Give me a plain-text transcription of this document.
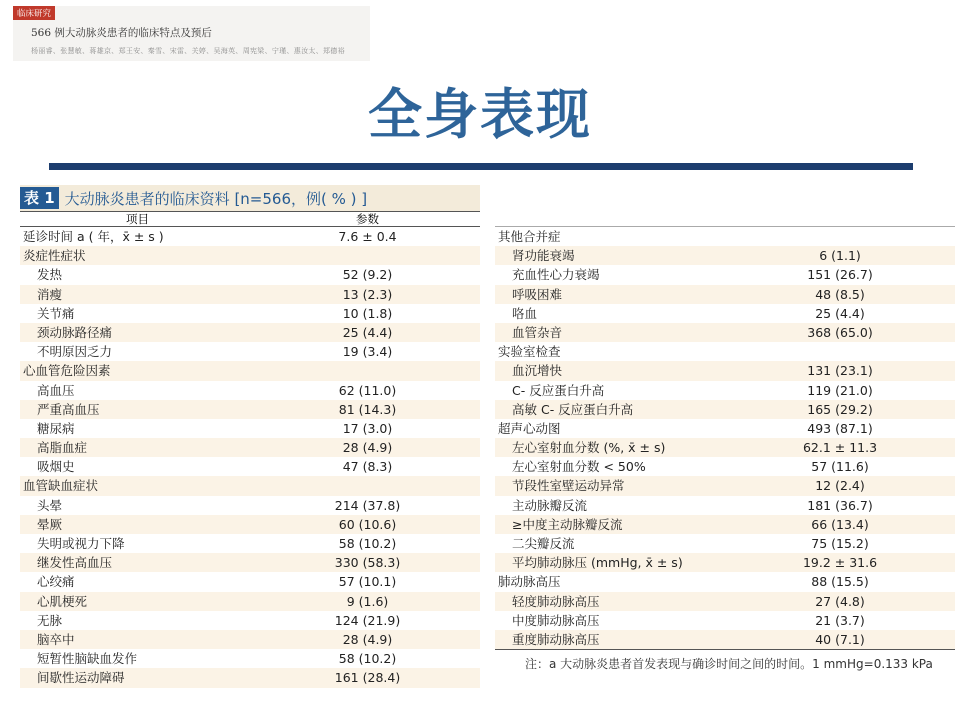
临床研究
566 例大动脉炎患者的临床特点及预后
杨丽睿、张慧敏、蒋雄京、郑王安、秦雪、宋雷、关婷、吴海英、周宪梁、宁瑾、惠汝太、郑德裕
全身表现
表 1 大动脉炎患者的临床资料 [n=566，例( % ) ]
项目	参数
延诊时间 a ( 年，x̄ ± s )	7.6 ± 0.4
炎症性症状
发热	52 (9.2)
消瘦	13 (2.3)
关节痛	10 (1.8)
颈动脉路径痛	25 (4.4)
不明原因乏力	19 (3.4)
心血管危险因素
高血压	62 (11.0)
严重高血压	81 (14.3)
糖尿病	17 (3.0)
高脂血症	28 (4.9)
吸烟史	47 (8.3)
血管缺血症状
头晕	214 (37.8)
晕厥	60 (10.6)
失明或视力下降	58 (10.2)
继发性高血压	330 (58.3)
心绞痛	57 (10.1)
心肌梗死	9 (1.6)
无脉	124 (21.9)
脑卒中	28 (4.9)
短暂性脑缺血发作	58 (10.2)
间歇性运动障碍	161 (28.4)
其他合并症
肾功能衰竭	6 (1.1)
充血性心力衰竭	151 (26.7)
呼吸困难	48 (8.5)
咯血	25 (4.4)
血管杂音	368 (65.0)
实验室检查
血沉增快	131 (23.1)
C- 反应蛋白升高	119 (21.0)
高敏 C- 反应蛋白升高	165 (29.2)
超声心动图	493 (87.1)
左心室射血分数 (%, x̄ ± s)	62.1 ± 11.3
左心室射血分数 < 50%	57 (11.6)
节段性室壁运动异常	12 (2.4)
主动脉瓣反流	181 (36.7)
≥中度主动脉瓣反流	66 (13.4)
二尖瓣反流	75 (15.2)
平均肺动脉压 (mmHg, x̄ ± s)	19.2 ± 31.6
肺动脉高压	88 (15.5)
轻度肺动脉高压	27 (4.8)
中度肺动脉高压	21 (3.7)
重度肺动脉高压	40 (7.1)
注：a 大动脉炎患者首发表现与确诊时间之间的时间。1 mmHg=0.133 kPa
